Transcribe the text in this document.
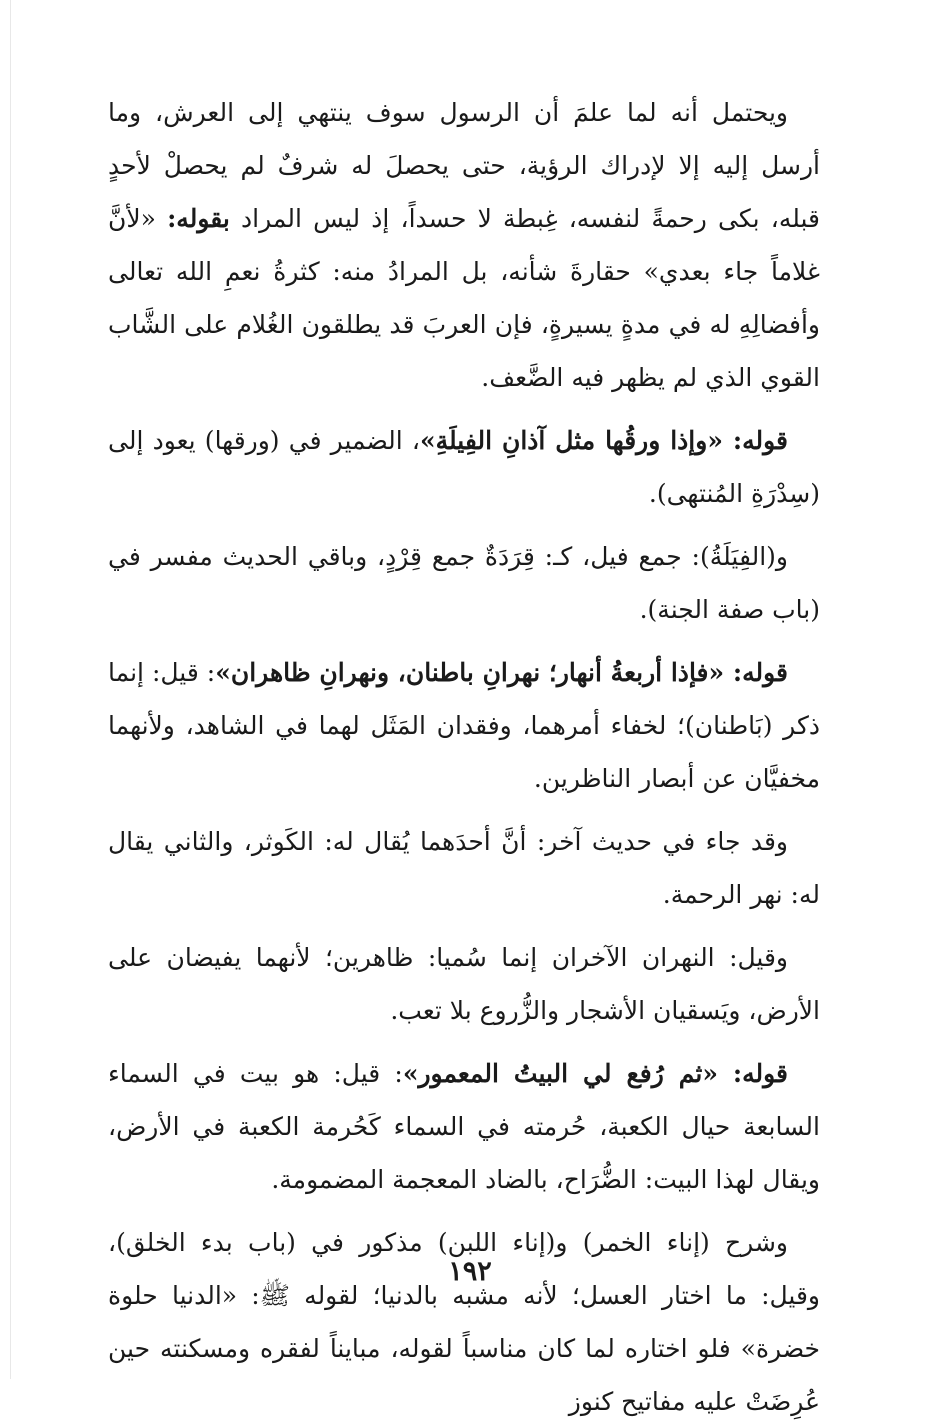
ويحتمل أنه لما علمَ أن الرسول سوف ينتهي إلى العرش، وما أرسل إليه إلا لإدراك الرؤية، حتى يحصلَ له شرفٌ لم يحصلْ لأحدٍ قبله، بكى رحمةً لنفسه، غِبطة لا حسداً، إذ ليس المراد بقوله: «لأنَّ غلاماً جاء بعدي» حقارةَ شأنه، بل المرادُ منه: كثرةُ نعمِ الله تعالى وأفضالِهِ له في مدةٍ يسيرةٍ، فإن العربَ قد يطلقون الغُلام على الشَّاب القوي الذي لم يظهر فيه الضَّعف.

قوله: «وإذا ورقُها مثل آذانِ الفِيلَةِ»، الضمير في (ورقها) يعود إلى (سِدْرَةِ المُنتهى).

و(الفِيَلَةُ): جمع فيل، كـ: قِرَدَةٌ جمع قِرْدٍ، وباقي الحديث مفسر في (باب صفة الجنة).

قوله: «فإذا أربعةُ أنهار؛ نهرانِ باطنان، ونهرانِ ظاهران»: قيل: إنما ذكر (بَاطنان)؛ لخفاء أمرهما، وفقدان المَثَل لهما في الشاهد، ولأنهما مخفيَّان عن أبصار الناظرين.

وقد جاء في حديث آخر: أنَّ أحدَهما يُقال له: الكَوثر، والثاني يقال له: نهر الرحمة.

وقيل: النهران الآخران إنما سُميا: ظاهرين؛ لأنهما يفيضان على الأرض، ويَسقيان الأشجار والزُّروع بلا تعب.

قوله: «ثم رُفع لي البيتُ المعمور»: قيل: هو بيت في السماء السابعة حيال الكعبة، حُرمته في السماء كَحُرمة الكعبة في الأرض، ويقال لهذا البيت: الضُّرَاح، بالضاد المعجمة المضمومة.

وشرح (إناء الخمر) و(إناء اللبن) مذكور في (باب بدء الخلق)، وقيل: ما اختار العسل؛ لأنه مشبه بالدنيا؛ لقوله ﷺ: «الدنيا حلوة خضرة» فلو اختاره لما كان مناسباً لقوله، مبايناً لفقره ومسكنته حين عُرِضَتْ عليه مفاتيح كنوز

١٩٢
